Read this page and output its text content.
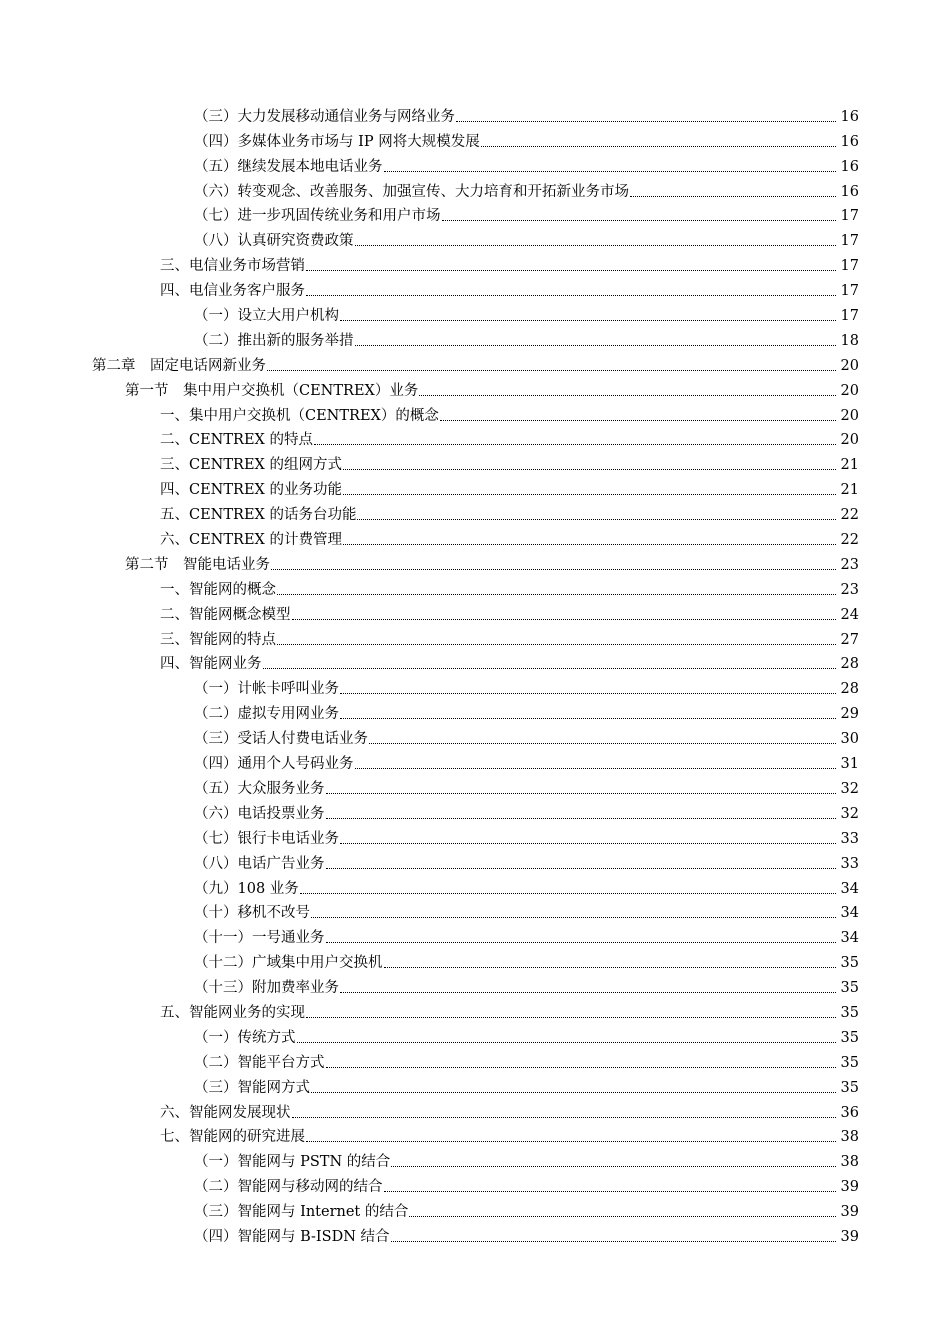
（三）大力发展移动通信业务与网络业务	16
（四）多媒体业务市场与 IP 网将大规模发展	16
（五）继续发展本地电话业务	16
（六）转变观念、改善服务、加强宣传、大力培育和开拓新业务市场	16
（七）进一步巩固传统业务和用户市场	17
（八）认真研究资费政策	17
三、电信业务市场营销	17
四、电信业务客户服务	17
（一）设立大用户机构	17
（二）推出新的服务举措	18
第二章　固定电话网新业务	20
第一节　集中用户交换机（CENTREX）业务	20
一、集中用户交换机（CENTREX）的概念	20
二、CENTREX 的特点	20
三、CENTREX 的组网方式	21
四、CENTREX 的业务功能	21
五、CENTREX 的话务台功能	22
六、CENTREX 的计费管理	22
第二节　智能电话业务	23
一、智能网的概念	23
二、智能网概念模型	24
三、智能网的特点	27
四、智能网业务	28
（一）计帐卡呼叫业务	28
（二）虚拟专用网业务	29
（三）受话人付费电话业务	30
（四）通用个人号码业务	31
（五）大众服务业务	32
（六）电话投票业务	32
（七）银行卡电话业务	33
（八）电话广告业务	33
（九）108 业务	34
（十）移机不改号	34
（十一）一号通业务	34
（十二）广域集中用户交换机	35
（十三）附加费率业务	35
五、智能网业务的实现	35
（一）传统方式	35
（二）智能平台方式	35
（三）智能网方式	35
六、智能网发展现状	36
七、智能网的研究进展	38
（一）智能网与 PSTN 的结合	38
（二）智能网与移动网的结合	39
（三）智能网与 Internet 的结合	39
（四）智能网与 B-ISDN 结合	39
